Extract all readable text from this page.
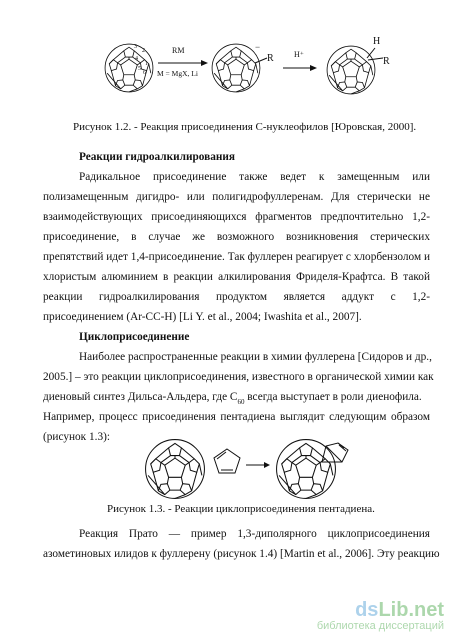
1
2
3
4
5
6
RM
M = MgX, Li
−
R	H⁺
H
R
Рисунок 1.2. - Реакция присоединения С-нуклеофилов [Юровская, 2000].
Реакции гидроалкилирования
Радикальное присоединение также ведет к замещенным или
полизамещенным дигидро- или полигидрофуллеренам. Для стерически не
взаимодействующих присоединяющихся фрагментов предпочтительно 1,2-
присоединение, в случае же возможного возникновения стерических
препятствий идет 1,4-присоединение. Так фуллерен реагирует с хлорбензолом и
хлористым алюминием в реакции алкилирования Фриделя-Крафтса. В такой
реакции гидроалкилирования продуктом является аддукт с 1,2-
присоединением (Ar-CC-H) [Li Y. et al., 2004; Iwashita et al., 2007].
Циклоприсоединение
Наиболее распространенные реакции в химии фуллерена [Сидоров и др.,
2005.] – это реакции циклоприсоединения, известного в органической химии как
диеновый синтез Дильса-Альдера, где $C_{60}$ всегда выступает в роли диенофила.
Например, процесс присоединения пентадиена выглядит следующим образом
(рисунок 1.3):
Рисунок 1.3. - Реакции циклоприсоединения пентадиена.
Реакция Прато — пример 1,3-диполярного циклоприсоединения
азометиновых илидов к фуллерену (рисунок 1.4) [Martin et al., 2006]. Эту реакцию
dsLib.net
библиотека диссертаций
